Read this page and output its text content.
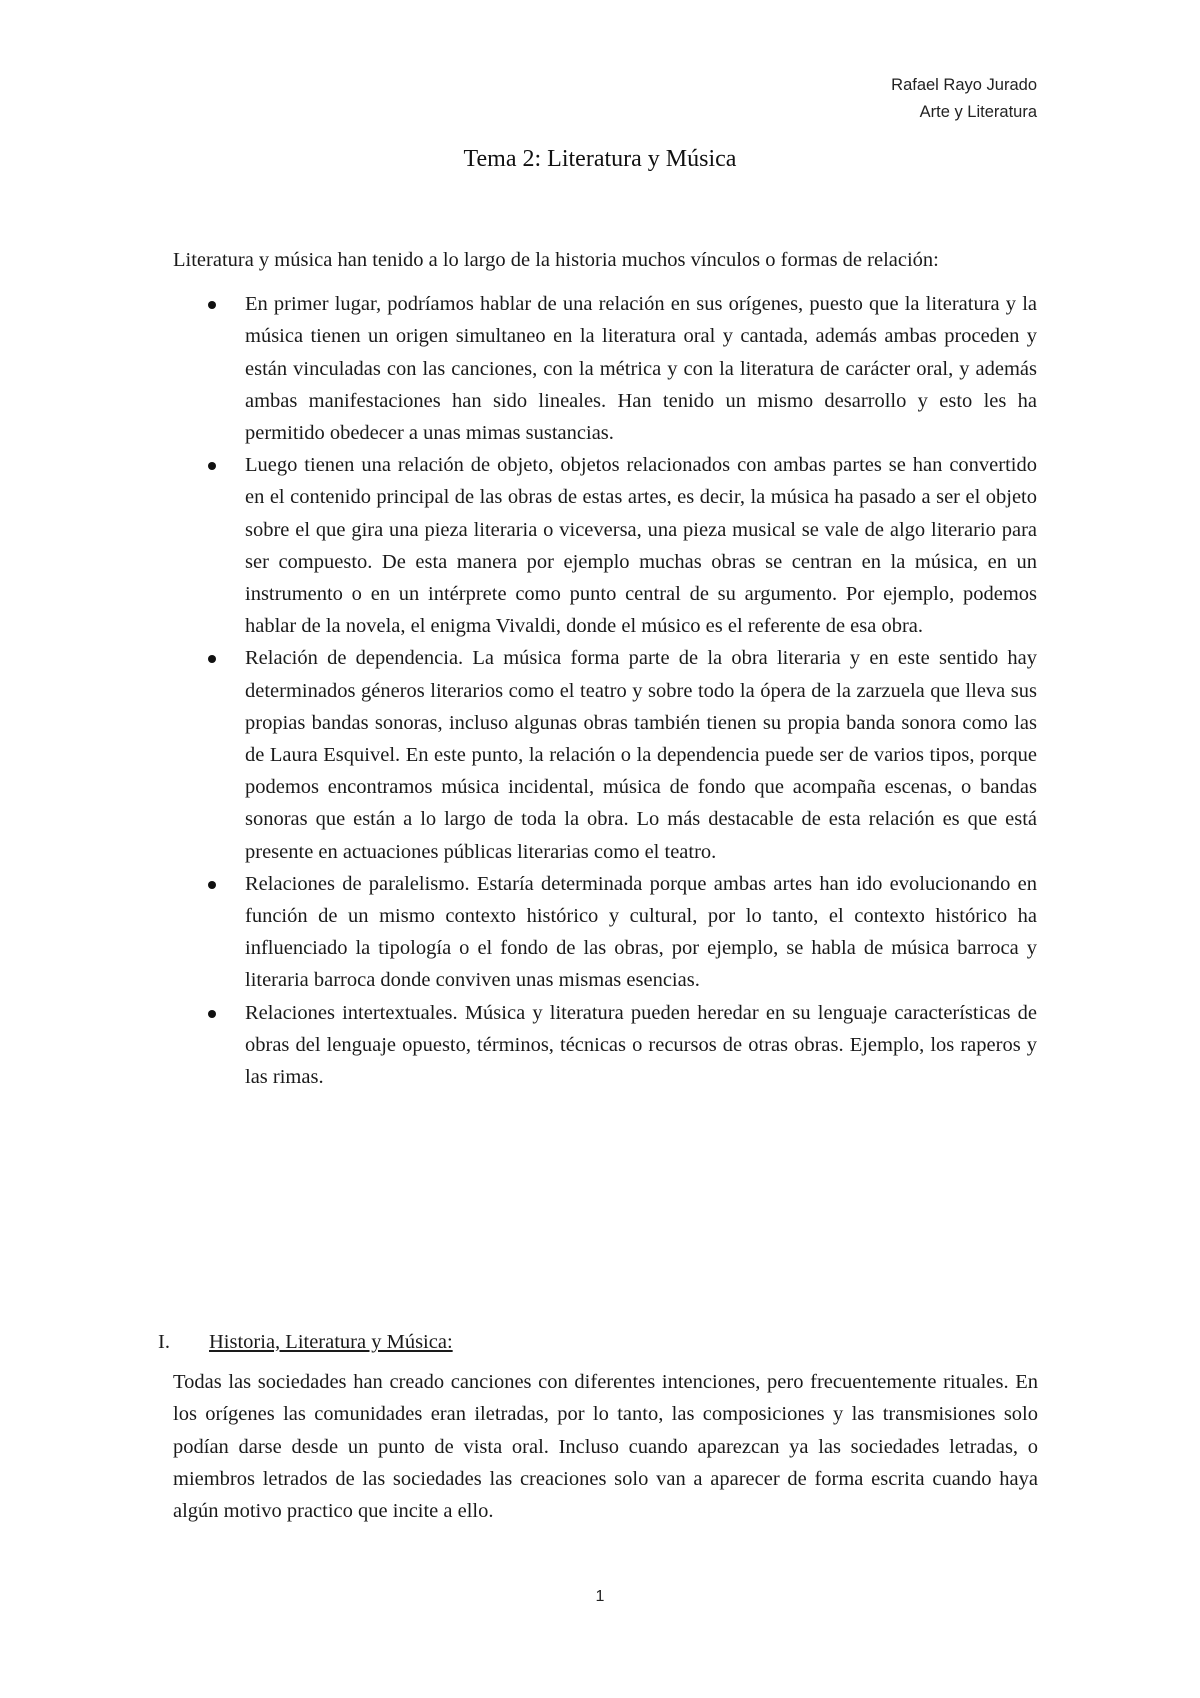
Rafael Rayo Jurado
Arte y Literatura
Tema 2: Literatura y Música

Literatura y música han tenido a lo largo de la historia muchos vínculos o formas de relación:

En primer lugar, podríamos hablar de una relación en sus orígenes, puesto que la literatura y la música tienen un origen simultaneo en la literatura oral y cantada, además ambas proceden y están vinculadas con las canciones, con la métrica y con la literatura de carácter oral, y además ambas manifestaciones han sido lineales. Han tenido un mismo desarrollo y esto les ha permitido obedecer a unas mimas sustancias.
Luego tienen una relación de objeto, objetos relacionados con ambas partes se han convertido en el contenido principal de las obras de estas artes, es decir, la música ha pasado a ser el objeto sobre el que gira una pieza literaria o viceversa, una pieza musical se vale de algo literario para ser compuesto. De esta manera por ejemplo muchas obras se centran en la música, en un instrumento o en un intérprete como punto central de su argumento. Por ejemplo, podemos hablar de la novela, el enigma Vivaldi, donde el músico es el referente de esa obra.
Relación de dependencia. La música forma parte de la obra literaria y en este sentido hay determinados géneros literarios como el teatro y sobre todo la ópera de la zarzuela que lleva sus propias bandas sonoras, incluso algunas obras también tienen su propia banda sonora como las de Laura Esquivel. En este punto, la relación o la dependencia puede ser de varios tipos, porque podemos encontramos música incidental, música de fondo que acompaña escenas, o bandas sonoras que están a lo largo de toda la obra. Lo más destacable de esta relación es que está presente en actuaciones públicas literarias como el teatro.
Relaciones de paralelismo. Estaría determinada porque ambas artes han ido evolucionando en función de un mismo contexto histórico y cultural, por lo tanto, el contexto histórico ha influenciado la tipología o el fondo de las obras, por ejemplo, se habla de música barroca y literaria barroca donde conviven unas mismas esencias.
Relaciones intertextuales. Música y literatura pueden heredar en su lenguaje características de obras del lenguaje opuesto, términos, técnicas o recursos de otras obras. Ejemplo, los raperos y las rimas.
I.	Historia, Literatura y Música:

Todas las sociedades han creado canciones con diferentes intenciones, pero frecuentemente rituales. En los orígenes las comunidades eran iletradas, por lo tanto, las composiciones y las transmisiones solo podían darse desde un punto de vista oral. Incluso cuando aparezcan ya las sociedades letradas, o miembros letrados de las sociedades las creaciones solo van a aparecer de forma escrita cuando haya algún motivo practico que incite a ello.

1
